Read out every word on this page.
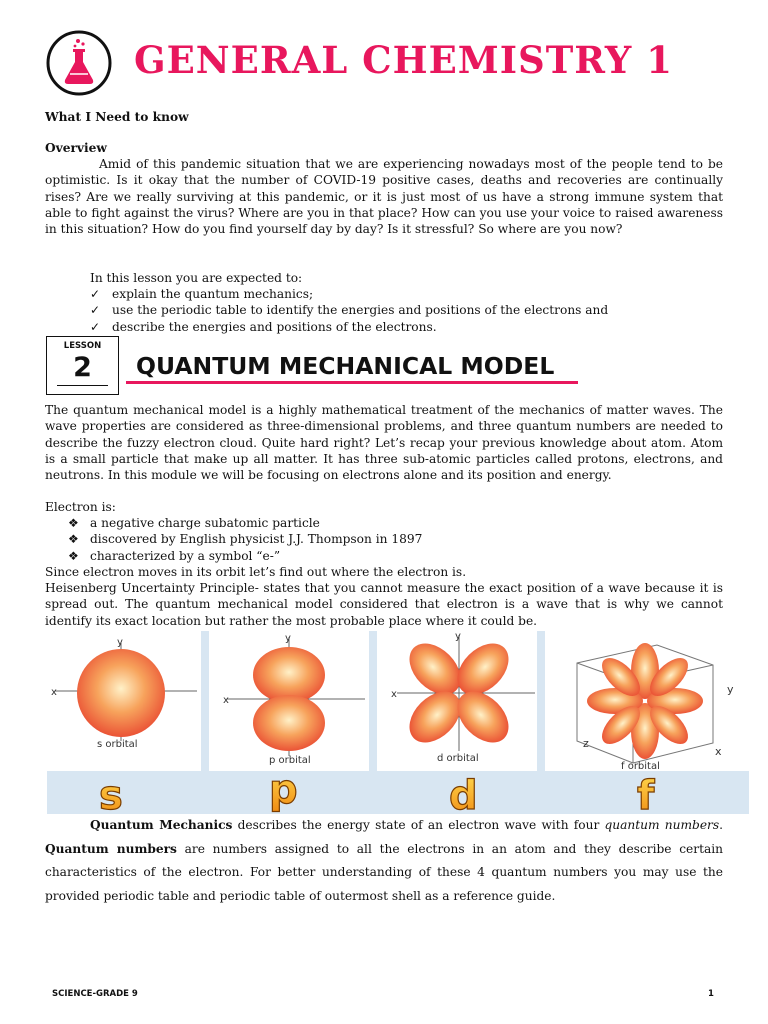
GENERAL CHEMISTRY 1
What I Need to know
Overview
Amid of this pandemic situation that we are experiencing nowadays most of the people tend to be optimistic. Is it okay that the number of COVID-19 positive cases, deaths and recoveries are continually rises? Are we really surviving at this pandemic, or it is just most of us have a strong immune system that able to fight against the virus? Where are you in that place? How can you use your voice to raised awareness in this situation? How do you find yourself day by day? Is it stressful? So where are you now?
In this lesson you are expected to:
✓ explain the quantum mechanics;
✓ use the periodic table to identify the energies and positions of the electrons and
✓ describe the energies and positions of the electrons.
LESSON
2	QUANTUM MECHANICAL MODEL
The quantum mechanical model is a highly mathematical treatment of the mechanics of matter waves. The wave properties are considered as three-dimensional problems, and three quantum numbers are needed to describe the fuzzy electron cloud. Quite hard right? Let’s recap your previous knowledge about atom. Atom is a small particle that make up all matter. It has three sub-atomic particles called protons, electrons, and neutrons. In this module we will be focusing on electrons alone and its position and energy.
Electron is:
❖ a negative charge subatomic particle
❖ discovered by English physicist J.J. Thompson in 1897
❖ characterized by a symbol “e-”
Since electron moves in its orbit let’s find out where the electron is.
Heisenberg Uncertainty Principle- states that you cannot measure the exact position of a wave because it is spread out. The quantum mechanical model considered that electron is a wave that is why we cannot identify its exact location but rather the most probable place where it could be.
x
y
s orbital
x
y
p orbital
x
y
d orbital
y
z
x
f orbital
s	p	d	f
Quantum Mechanics describes the energy state of an electron wave with four quantum numbers. Quantum numbers are numbers assigned to all the electrons in an atom and they describe certain characteristics of the electron. For better understanding of these 4 quantum numbers you may use the provided periodic table and periodic table of outermost shell as a reference guide.
SCIENCE-GRADE 9	1
